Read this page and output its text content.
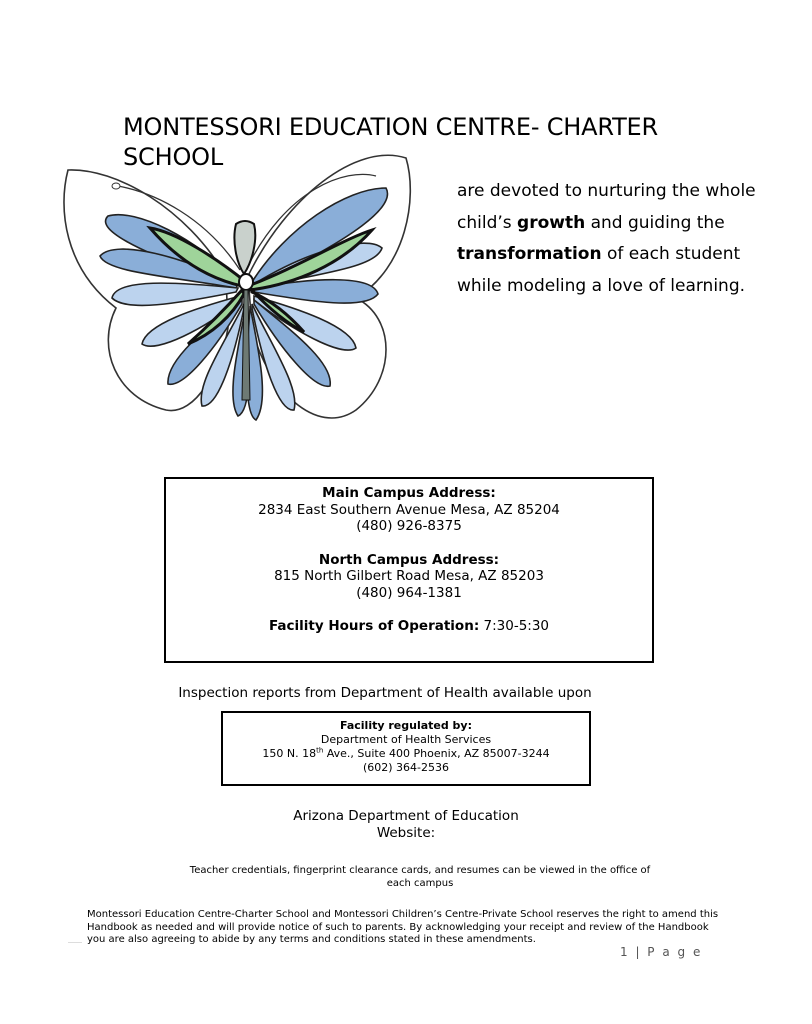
MONTESSORI EDUCATION CENTRE- CHARTER SCHOOL
are devoted to nurturing the whole child’s growth and guiding the transformation of each student while modeling a love of learning.
Main Campus Address:
2834 East Southern Avenue Mesa, AZ 85204
(480) 926-8375
North Campus Address:
815 North Gilbert Road Mesa, AZ 85203
(480) 964-1381
Facility Hours of Operation: 7:30-5:30
Inspection reports from Department of Health available upon
Facility regulated by:
Department of Health Services
150 N. 18th Ave., Suite 400 Phoenix, AZ 85007-3244
(602) 364-2536
Arizona Department of Education
Website:
Teacher credentials, fingerprint clearance cards, and resumes can be viewed in the office of each campus
Montessori Education Centre-Charter School and Montessori Children’s Centre-Private School reserves the right to amend this Handbook as needed and will provide notice of such to parents. By acknowledging your receipt and review of the Handbook you are also agreeing to abide by any terms and conditions stated in these amendments.
1 | P a g e
